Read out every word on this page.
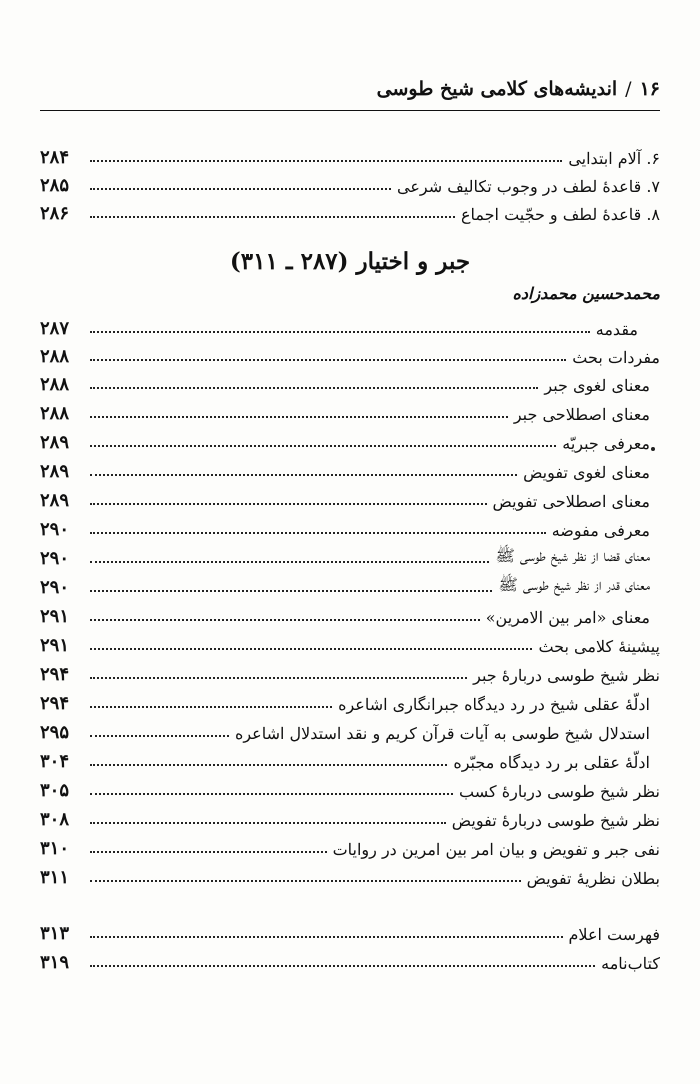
۱۶/اندیشه‌های کلامی شیخ طوسی
۶. آلام ابتدایی
۲۸۴
۷. قاعدهٔ لطف در وجوب تکالیف شرعی
۲۸۵
۸. قاعدهٔ لطف و حجّیت اجماع
۲۸۶
جبر و اختیار (۲۸۷ ـ ۳۱۱)
محمدحسین محمدزاده
مقدمه
۲۸۷
مفردات بحث
۲۸۸
معنای لغوی جبر
۲۸۸
معنای اصطلاحی جبر
۲۸۸
معرفی جبریّه
۲۸۹
معنای لغوی تفویض
۲۸۹
معنای اصطلاحی تفویض
۲۸۹
معرفی مفوضه
۲۹۰
معنای قضا از نظر شیخ طوسی ﷺ
۲۹۰
معنای قدر از نظر شیخ طوسی ﷺ
۲۹۰
معنای «امر بین الامرین»
۲۹۱
پیشینهٔ کلامی بحث
۲۹۱
نظر شیخ طوسی دربارهٔ جبر
۲۹۴
ادلّهٔ عقلی شیخ در رد دیدگاه جبرانگاری اشاعره
۲۹۴
استدلال شیخ طوسی به آیات قرآن کریم و نقد استدلال اشاعره
۲۹۵
ادلّهٔ عقلی بر رد دیدگاه مجبّره
۳۰۴
نظر شیخ طوسی دربارهٔ کسب
۳۰۵
نظر شیخ طوسی دربارهٔ تفویض
۳۰۸
نفی جبر و تفویض و بیان امر بین امرین در روایات
۳۱۰
بطلان نظریهٔ تفویض
۳۱۱
فهرست اعلام
۳۱۳
کتاب‌نامه
۳۱۹
